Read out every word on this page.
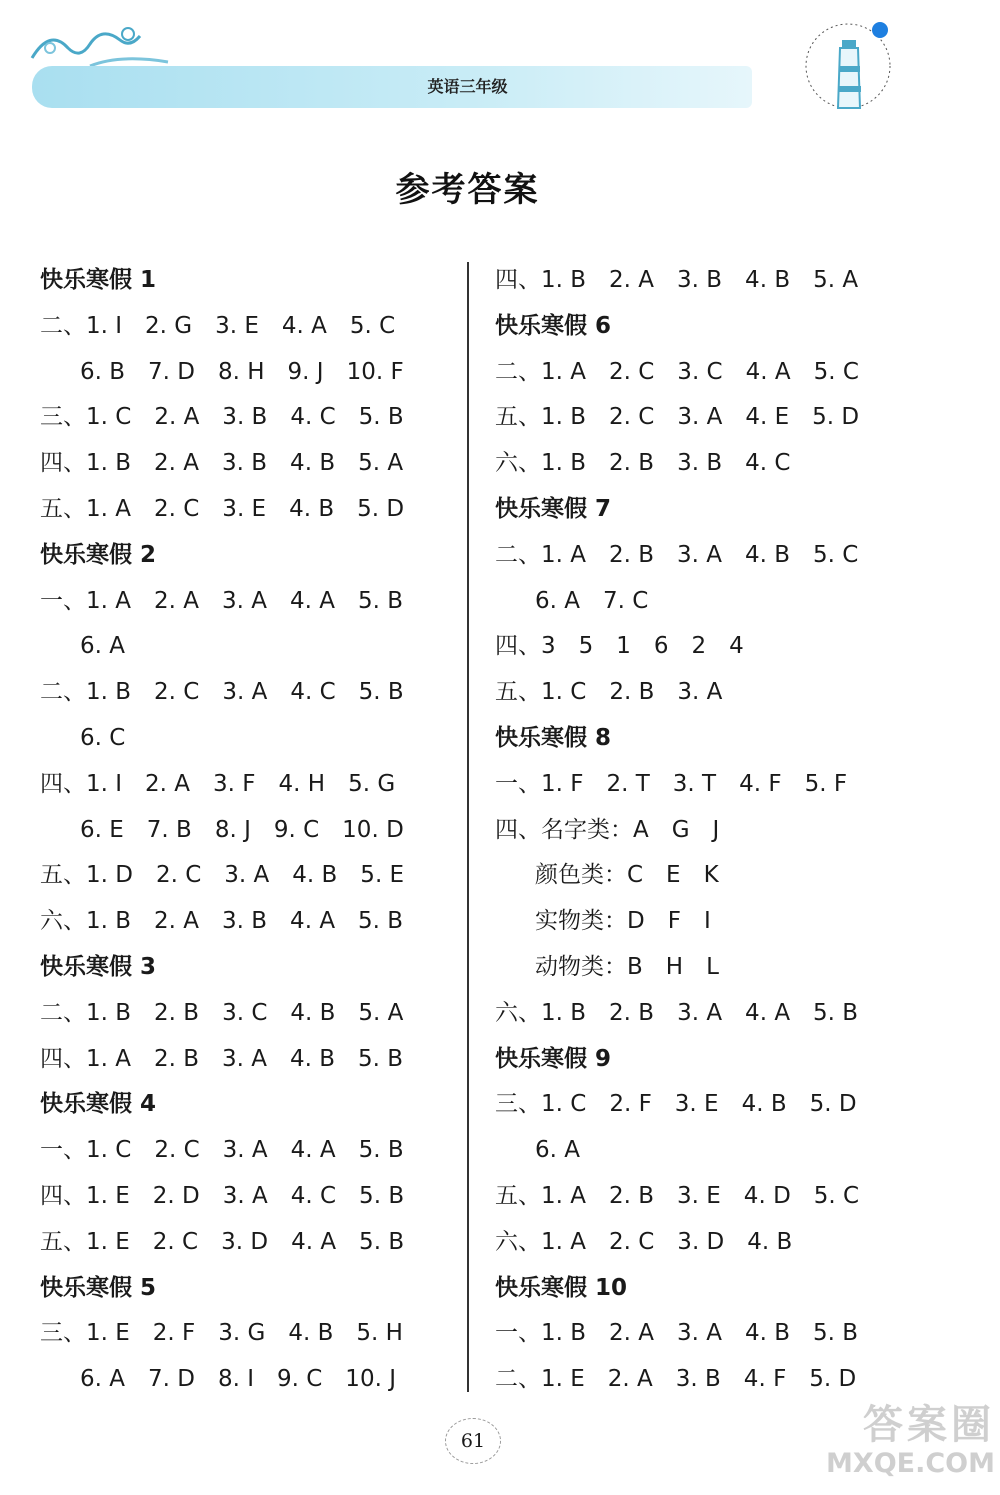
英语三年级
参考答案
快乐寒假 1
二、1. I　2. G　3. E　4. A　5. C
6. B　7. D　8. H　9. J　10. F
三、1. C　2. A　3. B　4. C　5. B
四、1. B　2. A　3. B　4. B　5. A
五、1. A　2. C　3. E　4. B　5. D
快乐寒假 2
一、1. A　2. A　3. A　4. A　5. B
6. A
二、1. B　2. C　3. A　4. C　5. B
6. C
四、1. I　2. A　3. F　4. H　5. G
6. E　7. B　8. J　9. C　10. D
五、1. D　2. C　3. A　4. B　5. E
六、1. B　2. A　3. B　4. A　5. B
快乐寒假 3
二、1. B　2. B　3. C　4. B　5. A
四、1. A　2. B　3. A　4. B　5. B
快乐寒假 4
一、1. C　2. C　3. A　4. A　5. B
四、1. E　2. D　3. A　4. C　5. B
五、1. E　2. C　3. D　4. A　5. B
快乐寒假 5
三、1. E　2. F　3. G　4. B　5. H
6. A　7. D　8. I　9. C　10. J
四、1. B　2. A　3. B　4. B　5. A
快乐寒假 6
二、1. A　2. C　3. C　4. A　5. C
五、1. B　2. C　3. A　4. E　5. D
六、1. B　2. B　3. B　4. C
快乐寒假 7
二、1. A　2. B　3. A　4. B　5. C
6. A　7. C
四、3　5　1　6　2　4
五、1. C　2. B　3. A
快乐寒假 8
一、1. F　2. T　3. T　4. F　5. F
四、名字类：A　G　J
颜色类：C　E　K
实物类：D　F　I
动物类：B　H　L
六、1. B　2. B　3. A　4. A　5. B
快乐寒假 9
三、1. C　2. F　3. E　4. B　5. D
6. A
五、1. A　2. B　3. E　4. D　5. C
六、1. A　2. C　3. D　4. B
快乐寒假 10
一、1. B　2. A　3. A　4. B　5. B
二、1. E　2. A　3. B　4. F　5. D
61	答案圈
MXQE.COM
